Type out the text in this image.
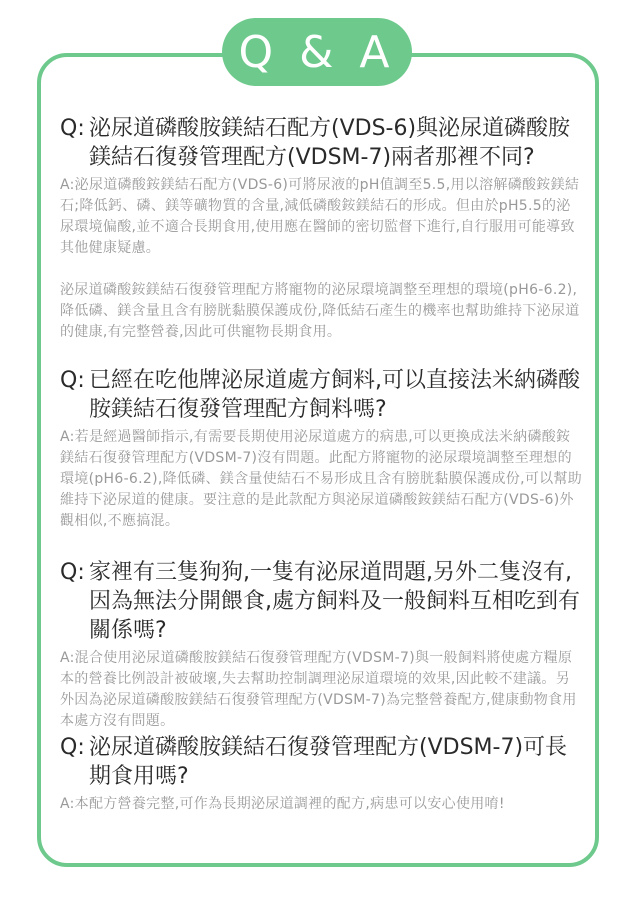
Q & A

Q: 泌尿道磷酸胺鎂結石配方(VDS-6)與泌尿道磷酸胺鎂結石復發管理配方(VDSM-7)兩者那裡不同?

A:泌尿道磷酸銨鎂結石配方(VDS-6)可將尿液的pH值調至5.5,用以溶解磷酸銨鎂結石;降低鈣、磷、鎂等礦物質的含量,減低磷酸銨鎂結石的形成。但由於pH5.5的泌尿環境偏酸,並不適合長期食用,使用應在醫師的密切監督下進行,自行服用可能導致其他健康疑慮。

泌尿道磷酸銨鎂結石復發管理配方將寵物的泌尿環境調整至理想的環境(pH6-6.2),降低磷、鎂含量且含有膀胱黏膜保護成份,降低結石產生的機率也幫助維持下泌尿道的健康,有完整營養,因此可供寵物長期食用。

Q: 已經在吃他牌泌尿道處方飼料,可以直接法米納磷酸胺鎂結石復發管理配方飼料嗎?

A:若是經過醫師指示,有需要長期使用泌尿道處方的病患,可以更換成法米納磷酸銨鎂結石復發管理配方(VDSM-7)沒有問題。此配方將寵物的泌尿環境調整至理想的環境(pH6-6.2),降低磷、鎂含量使結石不易形成且含有膀胱黏膜保護成份,可以幫助維持下泌尿道的健康。要注意的是此款配方與泌尿道磷酸銨鎂結石配方(VDS-6)外觀相似,不應搞混。

Q: 家裡有三隻狗狗,一隻有泌尿道問題,另外二隻沒有,因為無法分開餵食,處方飼料及一般飼料互相吃到有關係嗎?

A:混合使用泌尿道磷酸胺鎂結石復發管理配方(VDSM-7)與一般飼料將使處方糧原本的營養比例設計被破壞,失去幫助控制調理泌尿道環境的效果,因此較不建議。另外因為泌尿道磷酸胺鎂結石復發管理配方(VDSM-7)為完整營養配方,健康動物食用本處方沒有問題。

Q: 泌尿道磷酸胺鎂結石復發管理配方(VDSM-7)可長期食用嗎?

A:本配方營養完整,可作為長期泌尿道調裡的配方,病患可以安心使用唷!
